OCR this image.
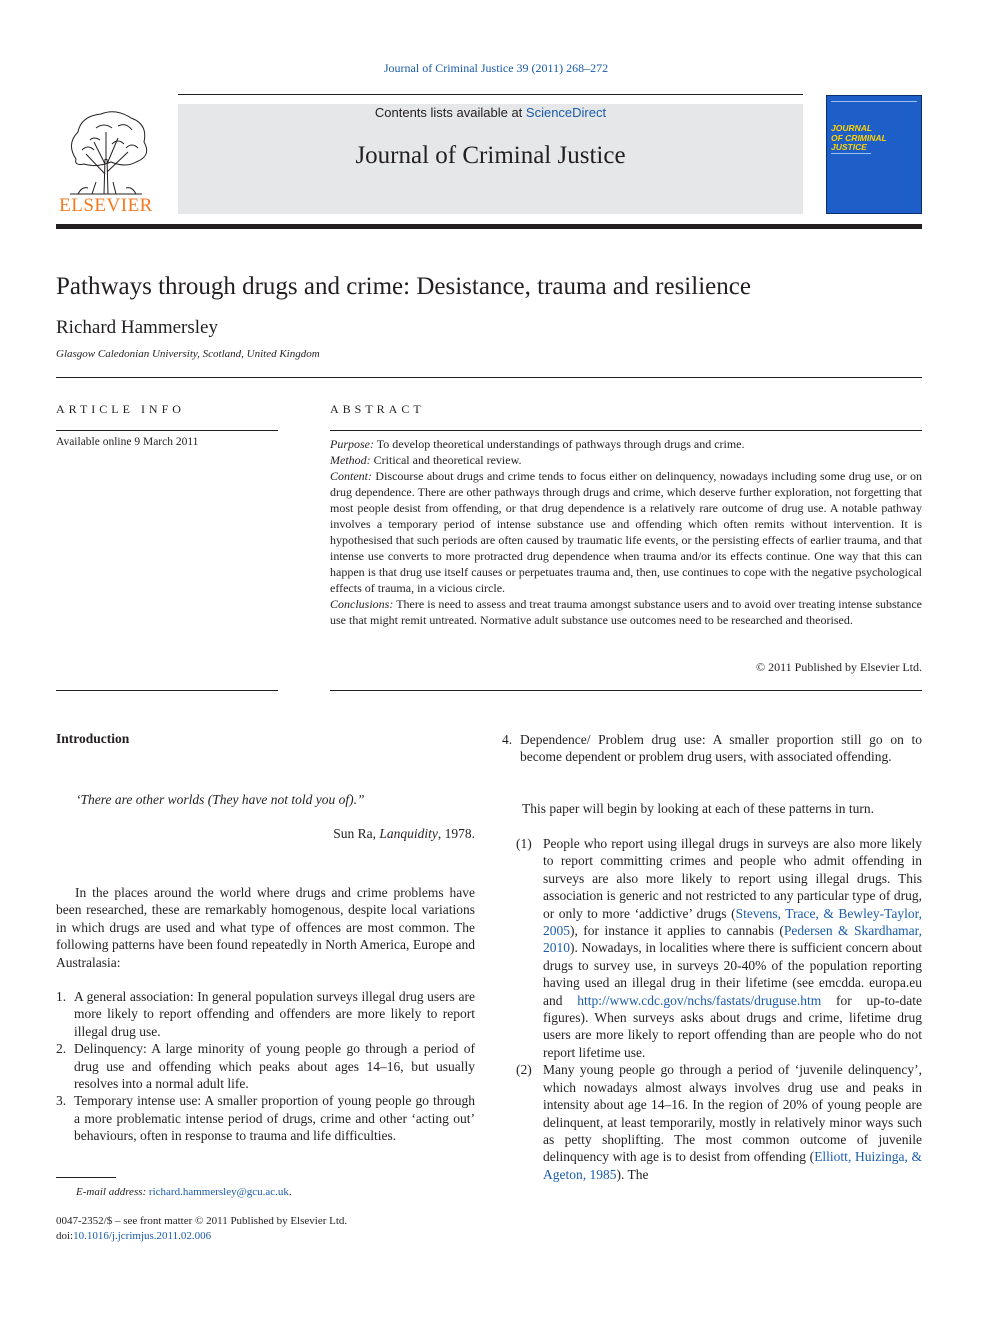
Journal of Criminal Justice 39 (2011) 268–272
ELSEVIER
Contents lists available at ScienceDirect
Journal of Criminal Justice
JOURNAL
OF CRIMINAL
JUSTICE
Pathways through drugs and crime: Desistance, trauma and resilience
Richard Hammersley
Glasgow Caledonian University, Scotland, United Kingdom
ARTICLE INFO	ABSTRACT
Available online 9 March 2011	Purpose: To develop theoretical understandings of pathways through drugs and crime.

Method: Critical and theoretical review.

Content: Discourse about drugs and crime tends to focus either on delinquency, nowadays including some drug use, or on drug dependence. There are other pathways through drugs and crime, which deserve further exploration, not forgetting that most people desist from offending, or that drug dependence is a relatively rare outcome of drug use. A notable pathway involves a temporary period of intense substance use and offending which often remits without intervention. It is hypothesised that such periods are often caused by traumatic life events, or the persisting effects of earlier trauma, and that intense use converts to more protracted drug dependence when trauma and/or its effects continue. One way that this can happen is that drug use itself causes or perpetuates trauma and, then, use continues to cope with the negative psychological effects of trauma, in a vicious circle.

Conclusions: There is need to assess and treat trauma amongst substance users and to avoid over treating intense substance use that might remit untreated. Normative adult substance use outcomes need to be researched and theorised.

© 2011 Published by Elsevier Ltd.
Introduction
‘There are other worlds (They have not told you of).”
Sun Ra, Lanquidity, 1978.
In the places around the world where drugs and crime problems have been researched, these are remarkably homogenous, despite local variations in which drugs are used and what type of offences are most common. The following patterns have been found repeatedly in North America, Europe and Australasia:
1. A general association: In general population surveys illegal drug users are more likely to report offending and offenders are more likely to report illegal drug use.
2. Delinquency: A large minority of young people go through a period of drug use and offending which peaks about ages 14–16, but usually resolves into a normal adult life.
3. Temporary intense use: A smaller proportion of young people go through a more problematic intense period of drugs, crime and other ‘acting out’ behaviours, often in response to trauma and life difficulties.
E-mail address: richard.hammersley@gcu.ac.uk.
0047-2352/$ – see front matter © 2011 Published by Elsevier Ltd.
doi:10.1016/j.jcrimjus.2011.02.006
4. Dependence/ Problem drug use: A smaller proportion still go on to become dependent or problem drug users, with associated offending.
This paper will begin by looking at each of these patterns in turn.
(1) People who report using illegal drugs in surveys are also more likely to report committing crimes and people who admit offending in surveys are also more likely to report using illegal drugs. This association is generic and not restricted to any particular type of drug, or only to more ‘addictive’ drugs (Stevens, Trace, & Bewley-Taylor, 2005), for instance it applies to cannabis (Pedersen & Skardhamar, 2010). Nowadays, in localities where there is sufficient concern about drugs to survey use, in surveys 20-40% of the population reporting having used an illegal drug in their lifetime (see emcdda. europa.eu and http://www.cdc.gov/nchs/fastats/druguse.htm for up-to-date figures). When surveys asks about drugs and crime, lifetime drug users are more likely to report offending than are people who do not report lifetime use.
(2) Many young people go through a period of ‘juvenile delinquency’, which nowadays almost always involves drug use and peaks in intensity about age 14–16. In the region of 20% of young people are delinquent, at least temporarily, mostly in relatively minor ways such as petty shoplifting. The most common outcome of juvenile delinquency with age is to desist from offending (Elliott, Huizinga, & Ageton, 1985). The
